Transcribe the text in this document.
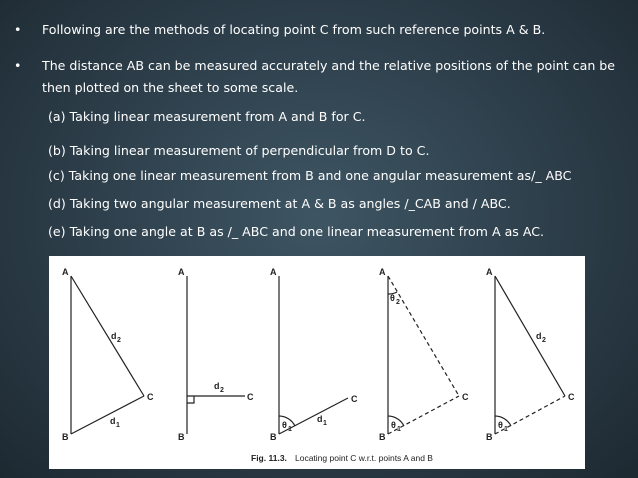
• Following are the methods of locating point C from such reference points A & B.
• The distance AB can be measured accurately and the relative positions of the point can be then plotted on the sheet to some scale.
(a) Taking linear measurement from A and B for C.
(b) Taking linear measurement of perpendicular from D to C.
(c) Taking one linear measurement from B and one angular measurement as/_ ABC
(d) Taking two angular measurement at A & B as angles /_CAB and / ABC.
(e) Taking one angle at B as /_ ABC and one linear measurement from A as AC.
A
B
C
d 2
d 1
A
B
C
d 2
A
B
C
d 1
θ 1
A
B
C
θ 2
θ 1
A
B
C
d 2
θ 1
Fig. 11.3. Locating point C w.r.t. points A and B
